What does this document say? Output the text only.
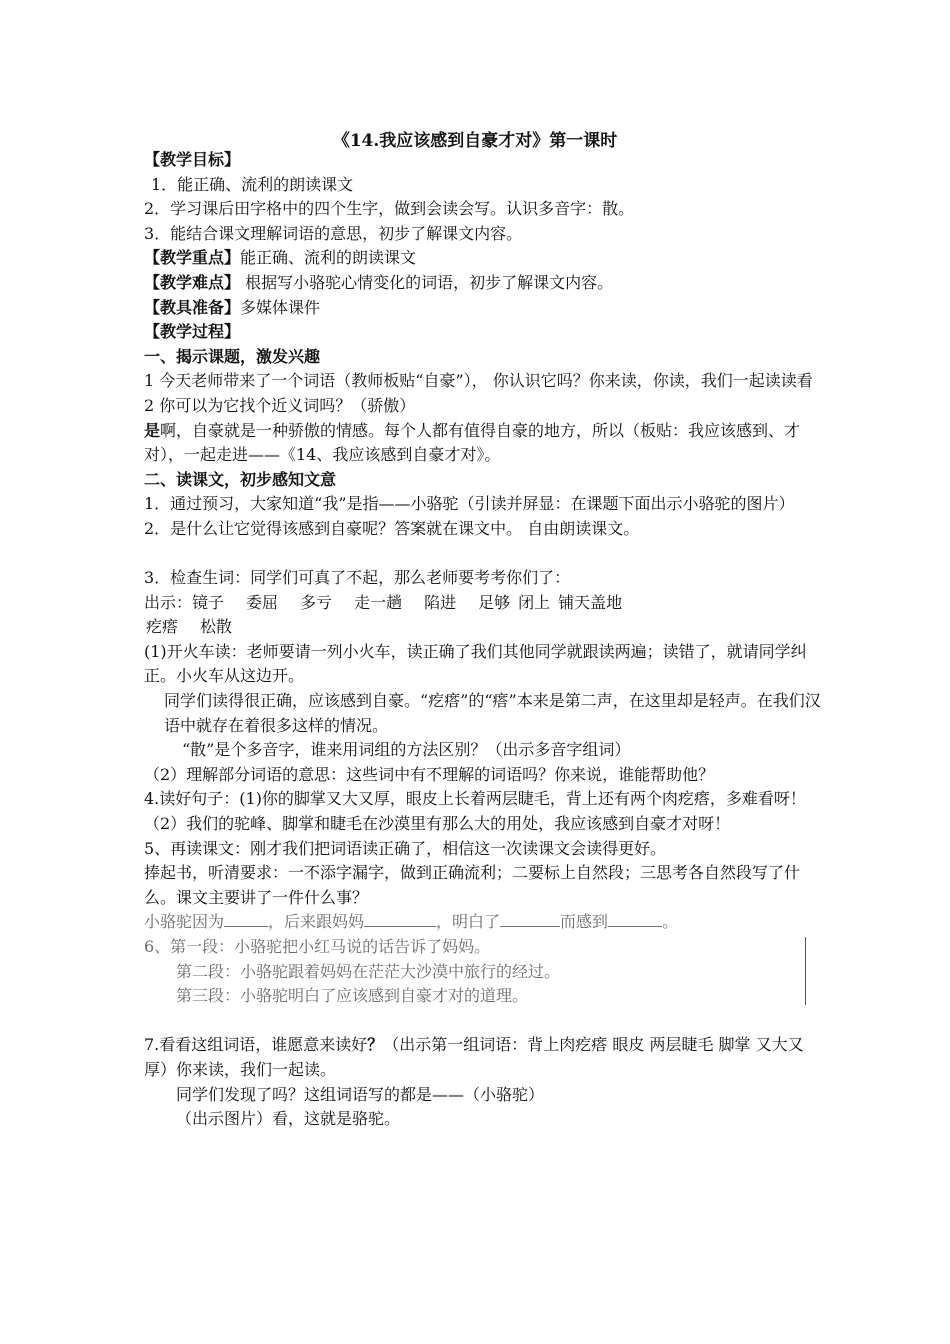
《14.我应该感到自豪才对》第一课时

【教学目标】

1．能正确、流利的朗读课文

2．学习课后田字格中的四个生字，做到会读会写。认识多音字：散。

3．能结合课文理解词语的意思，初步了解课文内容。

【教学重点】能正确、流利的朗读课文

【教学难点】 根据写小骆驼心情变化的词语，初步了解课文内容。

【教具准备】多媒体课件

【教学过程】

一、揭示课题，激发兴趣

1 今天老师带来了一个词语（教师板贴“自豪”）， 你认识它吗？你来读，你读，我们一起读读看

2 你可以为它找个近义词吗？（骄傲）

是啊，自豪就是一种骄傲的情感。每个人都有值得自豪的地方，所以（板贴：我应该感到、才对），一起走进——《14、我应该感到自豪才对》。

二、读课文，初步感知文意

1．通过预习，大家知道“我”是指——小骆驼（引读并屏显：在课题下面出示小骆驼的图片）

2．是什么让它觉得该感到自豪呢？答案就在课文中。 自由朗读课文。

3．检查生词：同学们可真了不起，那么老师要考考你们了：

出示：镜子 委屈 多亏 走一趟 陷进 足够 闭上 铺天盖地

疙瘩 松散

(1)开火车读：老师要请一列小火车，读正确了我们其他同学就跟读两遍；读错了，就请同学纠正。小火车从这边开。

同学们读得很正确，应该感到自豪。“疙瘩”的“瘩”本来是第二声，在这里却是轻声。在我们汉语中就存在着很多这样的情况。

“散”是个多音字，谁来用词组的方法区别？（出示多音字组词）

（2）理解部分词语的意思：这些词中有不理解的词语吗？你来说，谁能帮助他？

4.读好句子：(1)你的脚掌又大又厚，眼皮上长着两层睫毛，背上还有两个肉疙瘩，多难看呀！

（2）我们的驼峰、脚掌和睫毛在沙漠里有那么大的用处，我应该感到自豪才对呀！

5、再读课文：刚才我们把词语读正确了，相信这一次读课文会读得更好。

捧起书，听清要求：一不添字漏字，做到正确流利；二要标上自然段；三思考各自然段写了什么。课文主要讲了一件什么事？

小骆驼因为	，后来跟妈妈	，明白了	而感到	。

6、第一段：小骆驼把小红马说的话告诉了妈妈。

第二段：小骆驼跟着妈妈在茫茫大沙漠中旅行的经过。

第三段：小骆驼明白了应该感到自豪才对的道理。

7.看看这组词语，谁愿意来读好？（出示第一组词语：背上肉疙瘩 眼皮 两层睫毛 脚掌 又大又厚）你来读，我们一起读。

同学们发现了吗？这组词语写的都是——（小骆驼）

（出示图片）看，这就是骆驼。
